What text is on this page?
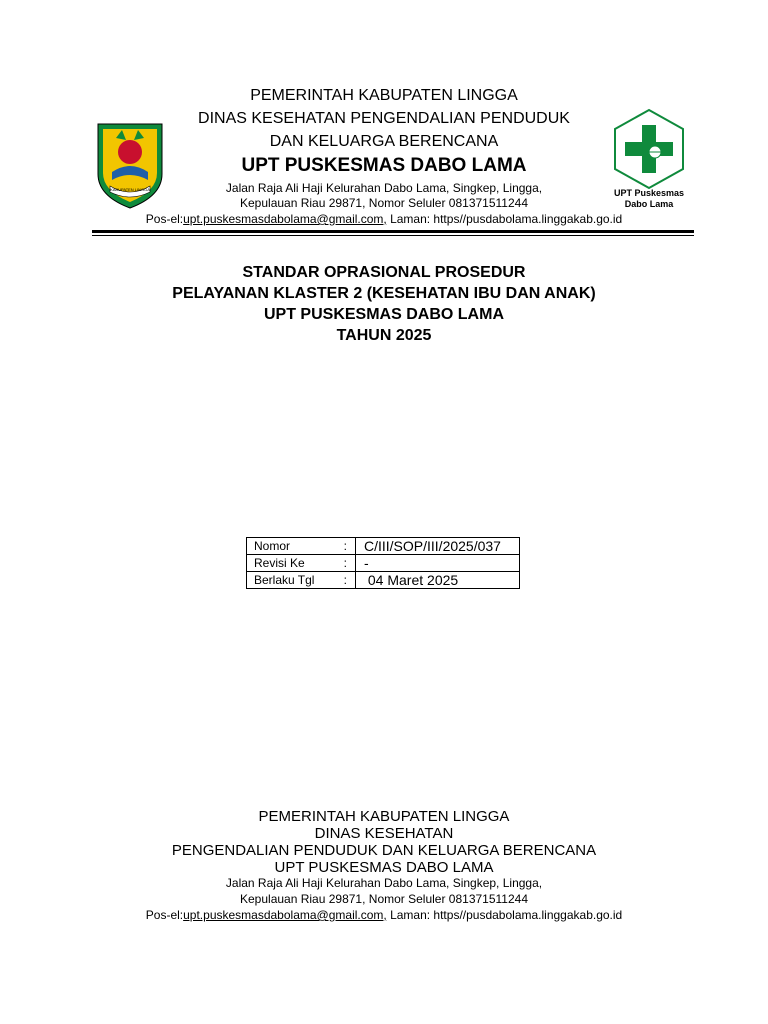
KABUPATEN LINGGA	UPT Puskesmas
Dabo Lama
PEMERINTAH KABUPATEN LINGGA
DINAS KESEHATAN PENGENDALIAN PENDUDUK
DAN KELUARGA BERENCANA
UPT PUSKESMAS DABO LAMA
Jalan Raja Ali Haji Kelurahan Dabo Lama, Singkep, Lingga,
Kepulauan Riau 29871, Nomor Seluler 081371511244
Pos-el:upt.puskesmasdabolama@gmail.com, Laman: https//pusdabolama.linggakab.go.id
STANDAR OPRASIONAL PROSEDUR
PELAYANAN KLASTER 2 (KESEHATAN IBU DAN ANAK)
UPT PUSKESMAS DABO LAMA
TAHUN 2025
Nomor :	C/III/SOP/III/2025/037

Revisi Ke :	-

Berlaku Tgl :	04 Maret 2025
PEMERINTAH KABUPATEN LINGGA
DINAS KESEHATAN
PENGENDALIAN PENDUDUK DAN KELUARGA BERENCANA
UPT PUSKESMAS DABO LAMA
Jalan Raja Ali Haji Kelurahan Dabo Lama, Singkep, Lingga,
Kepulauan Riau 29871, Nomor Seluler 081371511244
Pos-el:upt.puskesmasdabolama@gmail.com, Laman: https//pusdabolama.linggakab.go.id
